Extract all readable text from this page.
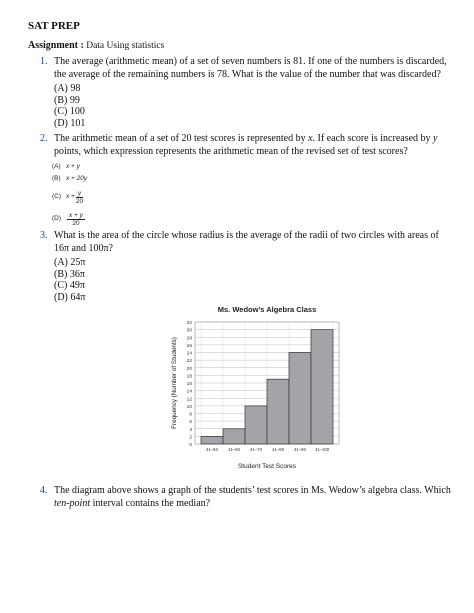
SAT PREP
Assignment : Data Using statistics
1. The average (arithmetic mean) of a set of seven numbers is 81. If one of the numbers is discarded, the average of the remaining numbers is 78. What is the value of the number that was discarded?
(A) 98
(B) 99
(C) 100
(D) 101
2. The arithmetic mean of a set of 20 test scores is represented by x. If each score is increased by y points, which expression represents the arithmetic mean of the revised set of test scores?
(A) x + y
(B) x + 20y
(C) $x + \frac{y}{20}$
$(D) \frac{x + y}{20}$
3. What is the area of the circle whose radius is the average of the radii of two circles with areas of 16π and 100π?
(A) 25π
(B) 36π
(C) 49π
(D) 64π
Ms. Wedow’s Algebra Class
0
2
4
6
8
10
12
14
16
18
20
22
24
26
28
30
32
41–50 41–60 41–70 41–80 41–90 41–100
Student Test Scores
Frequency (Number of Students)
4. The diagram above shows a graph of the students’ test scores in Ms. Wedow’s algebra class. Which ten-point interval contains the median?
